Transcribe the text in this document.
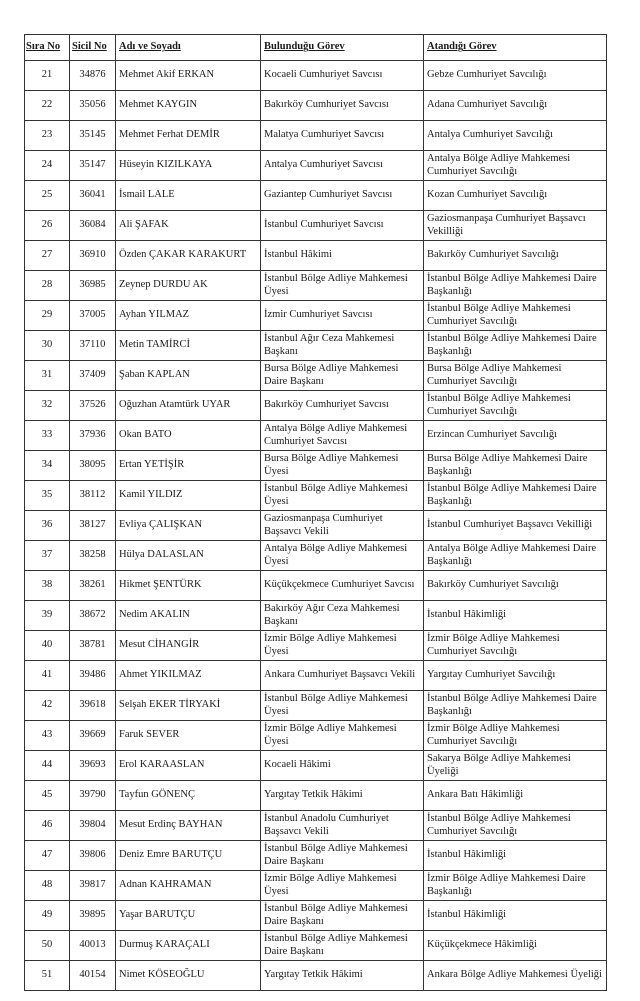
Sıra No	Sicil No	Adı ve Soyadı	Bulunduğu Görev	Atandığı Görev
21	34876	Mehmet Akif ERKAN	Kocaeli Cumhuriyet Savcısı	Gebze Cumhuriyet Savcılığı
22	35056	Mehmet KAYGIN	Bakırköy Cumhuriyet Savcısı	Adana Cumhuriyet Savcılığı
23	35145	Mehmet Ferhat DEMİR	Malatya Cumhuriyet Savcısı	Antalya Cumhuriyet Savcılığı
24	35147	Hüseyin KIZILKAYA	Antalya Cumhuriyet Savcısı	Antalya Bölge Adliye Mahkemesi Cumhuriyet Savcılığı
25	36041	İsmail LALE	Gaziantep Cumhuriyet Savcısı	Kozan Cumhuriyet Savcılığı
26	36084	Ali ŞAFAK	İstanbul Cumhuriyet Savcısı	Gaziosmanpaşa Cumhuriyet Başsavcı Vekilliği
27	36910	Özden ÇAKAR KARAKURT	İstanbul Hâkimi	Bakırköy Cumhuriyet Savcılığı
28	36985	Zeynep DURDU AK	İstanbul Bölge Adliye Mahkemesi Üyesi	İstanbul Bölge Adliye Mahkemesi Daire Başkanlığı
29	37005	Ayhan YILMAZ	İzmir Cumhuriyet Savcısı	İstanbul Bölge Adliye Mahkemesi Cumhuriyet Savcılığı
30	37110	Metin TAMİRCİ	İstanbul Ağır Ceza Mahkemesi Başkanı	İstanbul Bölge Adliye Mahkemesi Daire Başkanlığı
31	37409	Şaban KAPLAN	Bursa Bölge Adliye Mahkemesi Daire Başkanı	Bursa Bölge Adliye Mahkemesi Cumhuriyet Savcılığı
32	37526	Oğuzhan Atamtürk UYAR	Bakırköy Cumhuriyet Savcısı	İstanbul Bölge Adliye Mahkemesi Cumhuriyet Savcılığı
33	37936	Okan BATO	Antalya Bölge Adliye Mahkemesi Cumhuriyet Savcısı	Erzincan Cumhuriyet Savcılığı
34	38095	Ertan YETİŞİR	Bursa Bölge Adliye Mahkemesi Üyesi	Bursa Bölge Adliye Mahkemesi Daire Başkanlığı
35	38112	Kamil YILDIZ	İstanbul Bölge Adliye Mahkemesi Üyesi	İstanbul Bölge Adliye Mahkemesi Daire Başkanlığı
36	38127	Evliya ÇALIŞKAN	Gaziosmanpaşa Cumhuriyet Başsavcı Vekili	İstanbul Cumhuriyet Başsavcı Vekilliği
37	38258	Hülya DALASLAN	Antalya Bölge Adliye Mahkemesi Üyesi	Antalya Bölge Adliye Mahkemesi Daire Başkanlığı
38	38261	Hikmet ŞENTÜRK	Küçükçekmece Cumhuriyet Savcısı	Bakırköy Cumhuriyet Savcılığı
39	38672	Nedim AKALIN	Bakırköy Ağır Ceza Mahkemesi Başkanı	İstanbul Hâkimliği
40	38781	Mesut CİHANGİR	İzmir Bölge Adliye Mahkemesi Üyesi	İzmir Bölge Adliye Mahkemesi Cumhuriyet Savcılığı
41	39486	Ahmet YIKILMAZ	Ankara Cumhuriyet Başsavcı Vekili	Yargıtay Cumhuriyet Savcılığı
42	39618	Selşah EKER TİRYAKİ	İstanbul Bölge Adliye Mahkemesi Üyesi	İstanbul Bölge Adliye Mahkemesi Daire Başkanlığı
43	39669	Faruk SEVER	İzmir Bölge Adliye Mahkemesi Üyesi	İzmir Bölge Adliye Mahkemesi Cumhuriyet Savcılığı
44	39693	Erol KARAASLAN	Kocaeli Hâkimi	Sakarya Bölge Adliye Mahkemesi Üyeliği
45	39790	Tayfun GÖNENÇ	Yargıtay Tetkik Hâkimi	Ankara Batı Hâkimliği
46	39804	Mesut Erdinç BAYHAN	İstanbul Anadolu Cumhuriyet Başsavcı Vekili	İstanbul Bölge Adliye Mahkemesi Cumhuriyet Savcılığı
47	39806	Deniz Emre BARUTÇU	İstanbul Bölge Adliye Mahkemesi Daire Başkanı	İstanbul Hâkimliği
48	39817	Adnan KAHRAMAN	İzmir Bölge Adliye Mahkemesi Üyesi	İzmir Bölge Adliye Mahkemesi Daire Başkanlığı
49	39895	Yaşar BARUTÇU	İstanbul Bölge Adliye Mahkemesi Daire Başkanı	İstanbul Hâkimliği
50	40013	Durmuş KARAÇALI	İstanbul Bölge Adliye Mahkemesi Daire Başkanı	Küçükçekmece Hâkimliği
51	40154	Nimet KÖSEOĞLU	Yargıtay Tetkik Hâkimi	Ankara Bölge Adliye Mahkemesi Üyeliği
